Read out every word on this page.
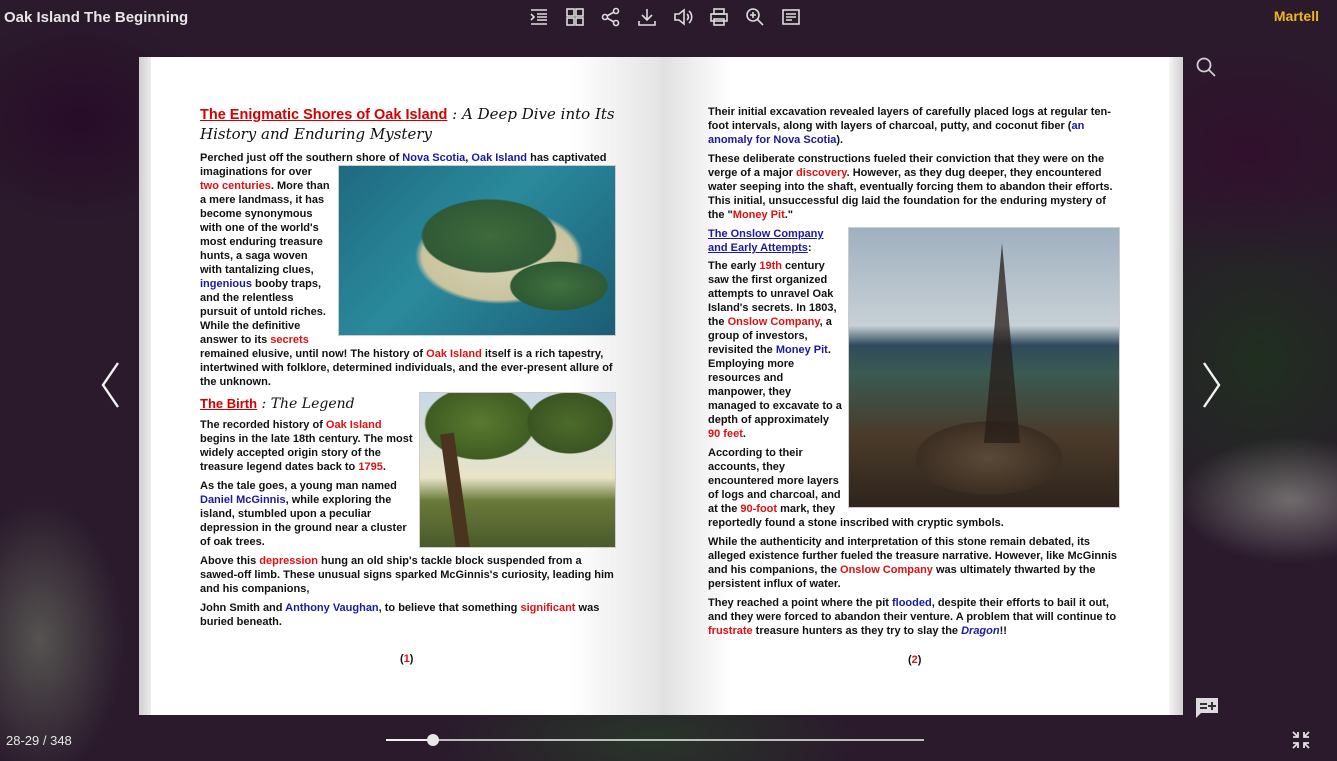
Oak Island The Beginning	Martell
The Enigmatic Shores of Oak Island : A Deep Dive into Its History and Enduring Mystery

Perched just off the southern shore of Nova Scotia, Oak Island
has captivated imaginations for over two centuries. More than a mere landmass, it has become synonymous with one of the world's most enduring treasure hunts, a saga woven with tantalizing clues, ingenious booby traps, and the relentless pursuit of untold riches. While the definitive answer to its secrets remained elusive, until now! The history of Oak Island itself is a rich tapestry, intertwined with folklore, determined individuals, and the ever-present allure of the unknown.

The Birth : The Legend

The recorded history of Oak Island begins in the late 18th century. The most widely accepted origin story of the treasure legend dates back to 1795.

As the tale goes, a young man named Daniel McGinnis, while exploring the island, stumbled upon a peculiar depression in the ground near a cluster of oak trees.

Above this depression hung an old ship's tackle block suspended from a sawed-off limb. These unusual signs sparked McGinnis's curiosity, leading him and his companions,

John Smith and Anthony Vaughan, to believe that something significant was buried beneath.

(1)

Their initial excavation revealed layers of carefully placed logs at regular ten-foot intervals, along with layers of charcoal, putty, and coconut fiber (an anomaly for Nova Scotia).

These deliberate constructions fueled their conviction that they were on the verge of a major discovery. However, as they dug deeper, they encountered water seeping into the shaft, eventually forcing them to abandon their efforts. This initial, unsuccessful dig laid the foundation for the enduring mystery of the "Money Pit."

The Onslow Company
and Early Attempts:

The early 19th century saw the first organized attempts to unravel Oak Island's secrets. In 1803, the Onslow Company, a group of investors, revisited the Money Pit. Employing more resources and manpower, they managed to excavate to a depth of approximately 90 feet.

According to their accounts, they encountered more layers of logs and charcoal, and at the 90-foot mark, they reportedly found a stone inscribed with cryptic symbols.

While the authenticity and interpretation of this stone remain debated, its alleged existence further fueled the treasure narrative. However, like McGinnis and his companions, the Onslow Company was ultimately thwarted by the persistent influx of water.

They reached a point where the pit flooded, despite their efforts to bail it out, and they were forced to abandon their venture. A problem that will continue to frustrate treasure hunters as they try to slay the Dragon!!

(2)
28-29 / 348
